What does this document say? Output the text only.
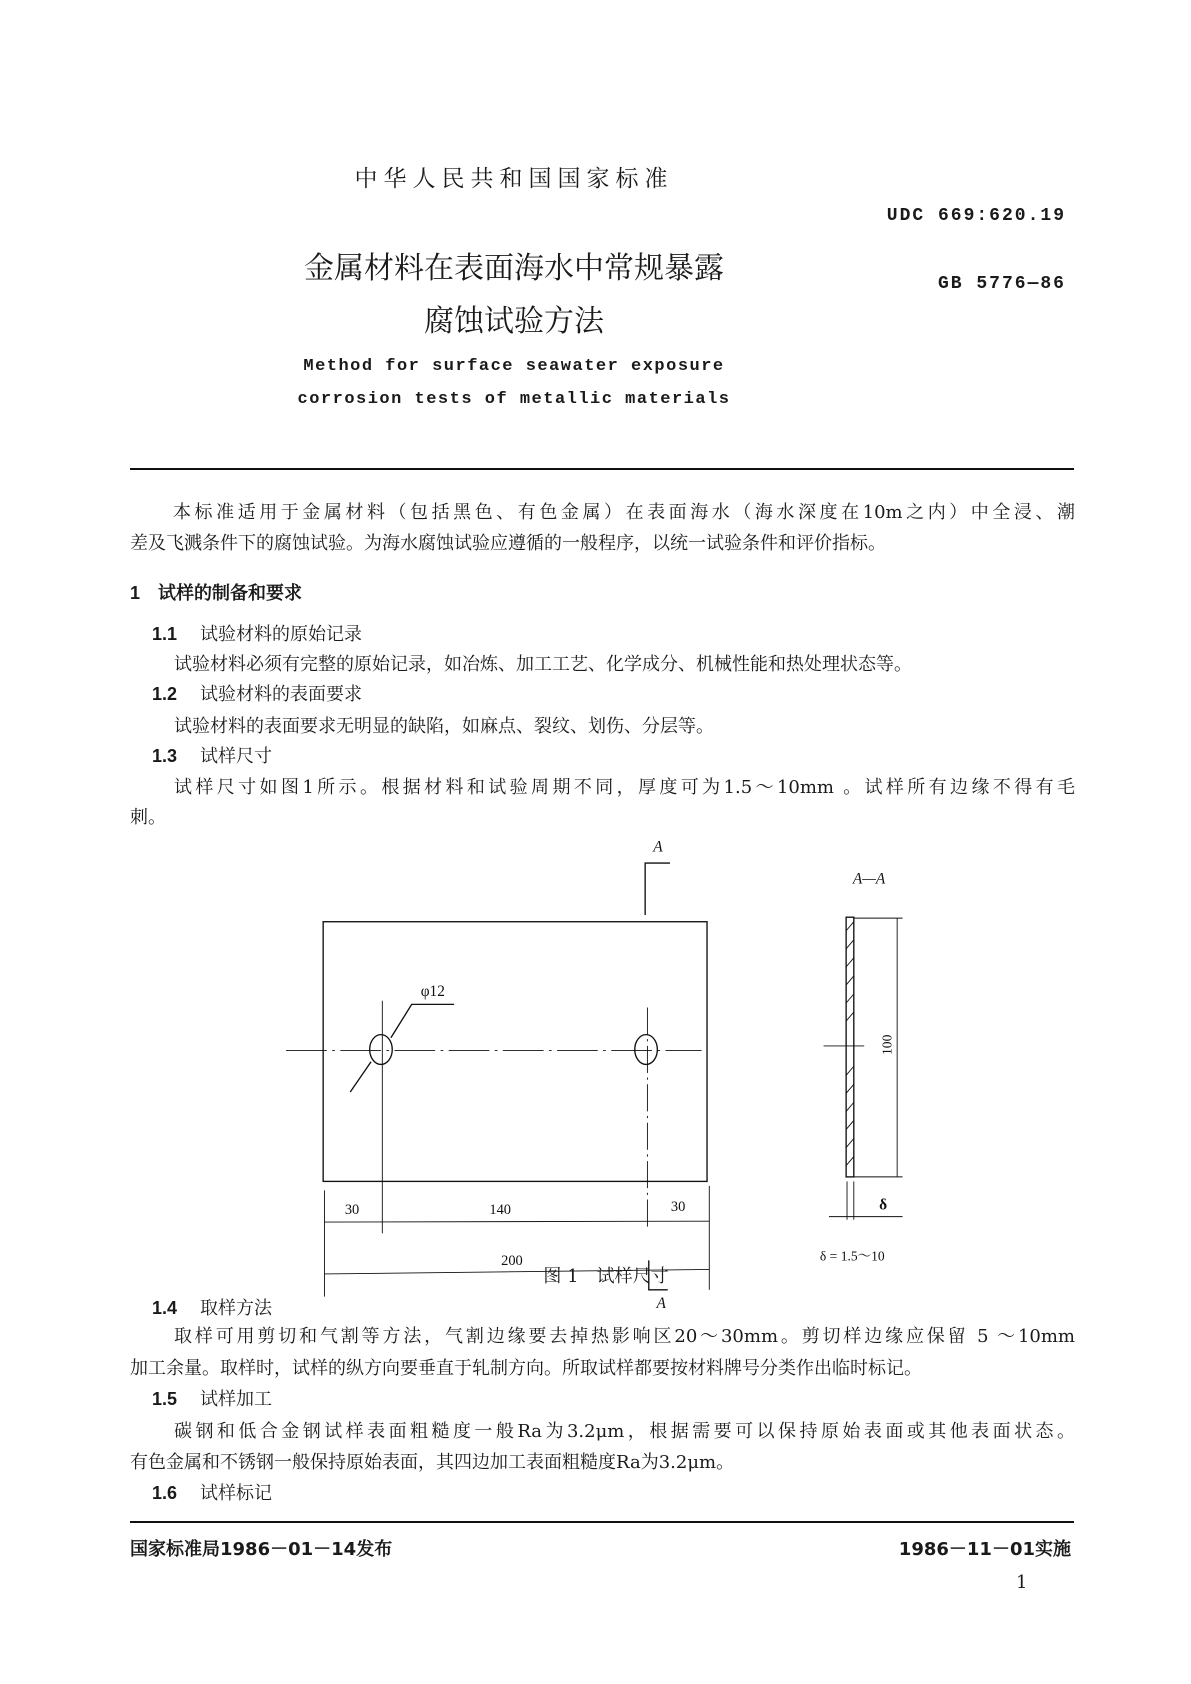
中华人民共和国国家标准
UDC 669:620.19
GB 5776—86
金属材料在表面海水中常规暴露
腐蚀试验方法
Method for surface seawater exposure
corrosion tests of metallic materials
本标准适用于金属材料（包括黑色、有色金属）在表面海水（海水深度在10m之内）中全浸、潮
差及飞溅条件下的腐蚀试验。为海水腐蚀试验应遵循的一般程序，以统一试验条件和评价指标。
1 试样的制备和要求
1.1 试验材料的原始记录
试验材料必须有完整的原始记录，如冶炼、加工工艺、化学成分、机械性能和热处理状态等。
1.2 试验材料的表面要求
试验材料的表面要求无明显的缺陷，如麻点、裂纹、划伤、分层等。
1.3 试样尺寸
试样尺寸如图1所示。根据材料和试验周期不同，厚度可为1.5～10mm 。试样所有边缘不得有毛
刺。
φ12
A
A
30	140	30
200
A—A
100
δ
δ = 1.5～10
图 1　试样尺寸
1.4 取样方法
取样可用剪切和气割等方法，气割边缘要去掉热影响区20～30mm。剪切样边缘应保留 5 ～10mm
加工余量。取样时，试样的纵方向要垂直于轧制方向。所取试样都要按材料牌号分类作出临时标记。
1.5 试样加工
碳钢和低合金钢试样表面粗糙度一般Ra为3.2μm，根据需要可以保持原始表面或其他表面状态。
有色金属和不锈钢一般保持原始表面，其四边加工表面粗糙度Ra为3.2μm。
1.6 试样标记
国家标准局1986－01－14发布	1986－11－01实施
1
